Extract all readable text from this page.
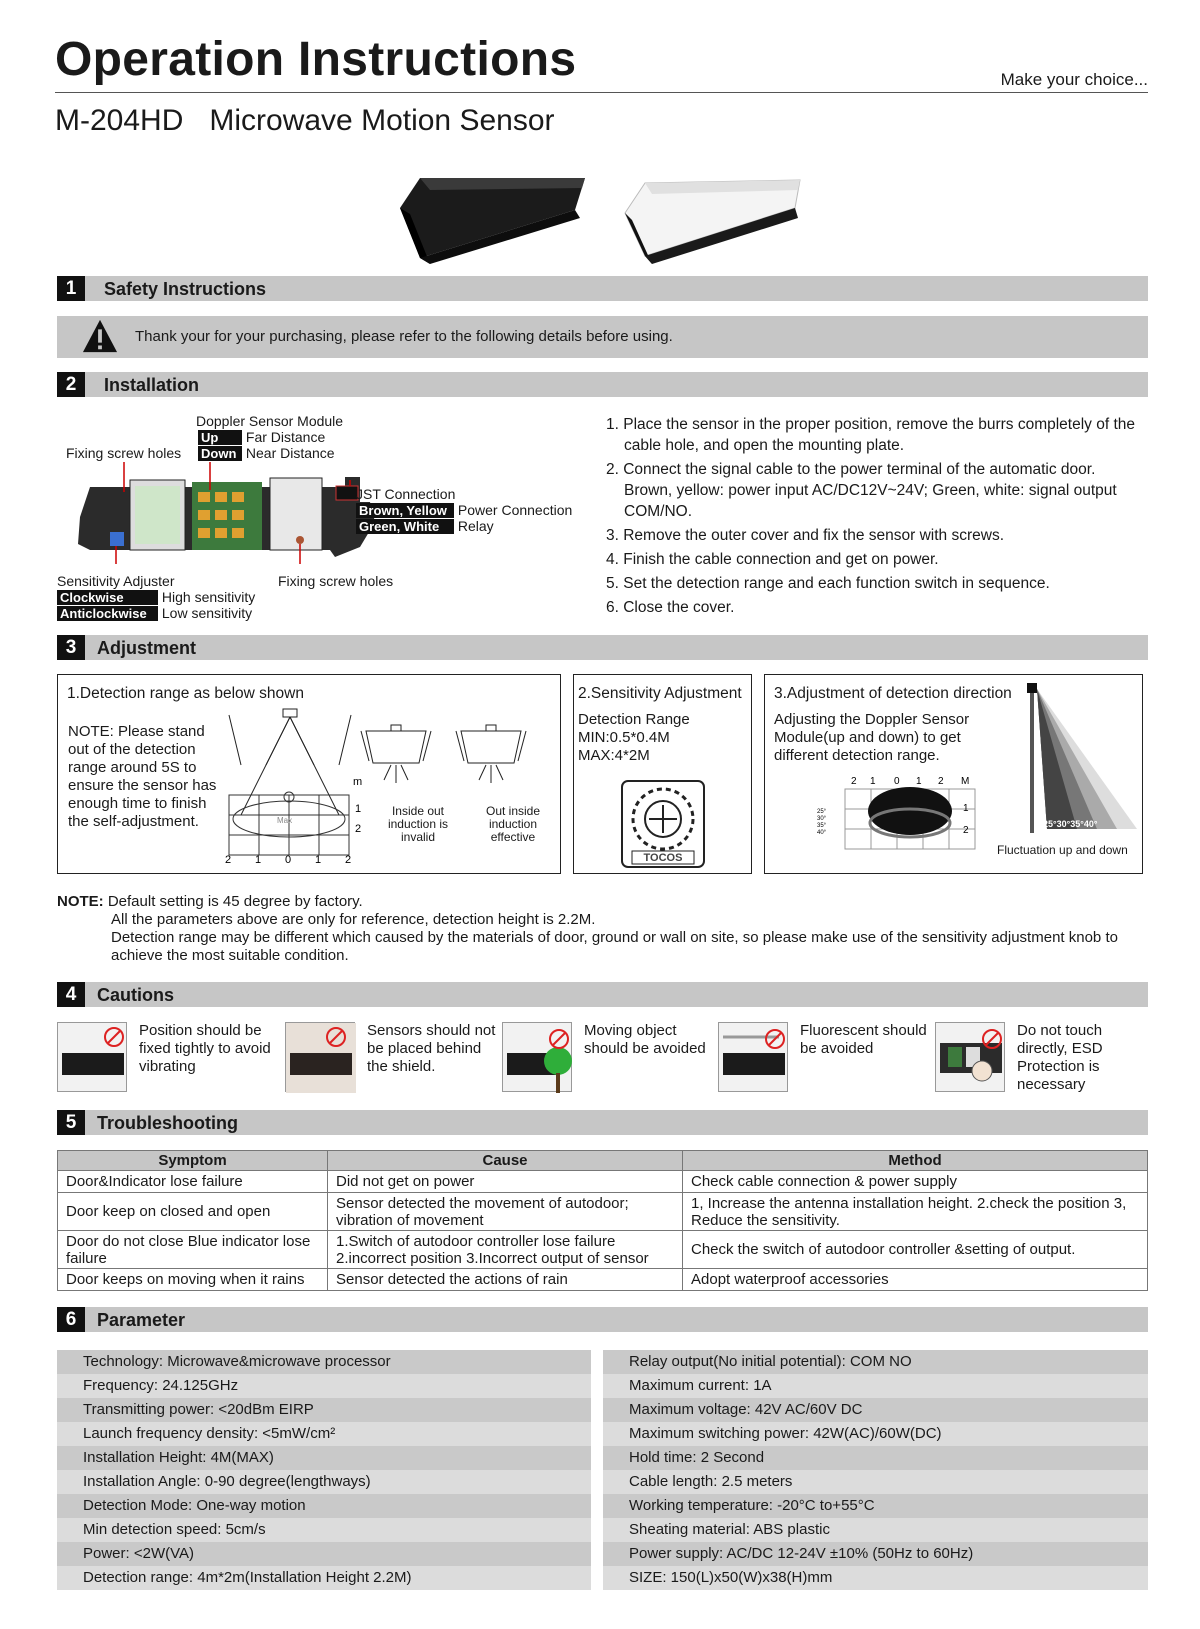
Operation Instructions	Make your choice...
M-204HD Microwave Motion Sensor
1	Safety Instructions
Thank your for your purchasing, please refer to the following details before using.
2	Installation
Doppler Sensor Module
Up Far Distance
Down Near Distance
Fixing screw holes
JST Connection
Brown, Yellow Power Connection
Green, White Relay
Sensitivity Adjuster
Clockwise	High sensitivity
Anticlockwise Low sensitivity
Fixing screw holes
1. Place the sensor in the proper position, remove the burrs completely of the cable hole, and open the mounting plate.
2. Connect the signal cable to the power terminal of the automatic door. Brown, yellow: power input AC/DC12V~24V; Green, white: signal output COM/NO.
3. Remove the outer cover and fix the sensor with screws.
4. Finish the cable connection and get on power.
5. Set the detection range and each function switch in sequence.
6. Close the cover.
3	Adjustment
1.Detection range as below shown
NOTE: Please stand out of the detection range around 5S to ensure the sensor has enough time to finish the self-adjustment.	Max
m
1
2
2 1 0 1 2
Inside out induction is invalid
Out inside induction effective
2.Sensitivity Adjustment
Detection Range
MIN:0.5*0.4M
MAX:4*2M
TOCOS
3.Adjustment of detection direction
Adjusting the Doppler Sensor Module(up and down) to get different detection range.
2 1 0 1 2 M
1
2
25°
30°
35°
40°
25°30°35°40°
Fluctuation up and down
NOTE: Default setting is 45 degree by factory.
All the parameters above are only for reference, detection height is 2.2M.
Detection range may be different which caused by the materials of door, ground or wall on site, so please make use of the sensitivity adjustment knob to achieve the most suitable condition.
4	Cautions
Position should be fixed tightly to avoid vibrating
Sensors should not be placed behind the shield.
Moving object should be avoided
Fluorescent should be avoided
Do not touch directly, ESD Protection is necessary
5	Troubleshooting
Symptom	Cause	Method
Door&Indicator lose failure	Did not get on power	Check cable connection & power supply
Door keep on closed and open	Sensor detected the movement of autodoor; vibration of movement	1, Increase the antenna installation height. 2.check the position 3, Reduce the sensitivity.
Door do not close Blue indicator lose failure	1.Switch of autodoor controller lose failure 2.incorrect position 3.Incorrect output of sensor	Check the switch of autodoor controller &setting of output.
Door keeps on moving when it rains	Sensor detected the actions of rain	Adopt waterproof accessories
6	Parameter
Technology: Microwave&microwave processor
Frequency: 24.125GHz
Transmitting power: <20dBm EIRP
Launch frequency density: <5mW/cm²
Installation Height: 4M(MAX)
Installation Angle: 0-90 degree(lengthways)
Detection Mode: One-way motion
Min detection speed: 5cm/s
Power: <2W(VA)
Detection range: 4m*2m(Installation Height 2.2M)
Relay output(No initial potential): COM NO
Maximum current: 1A
Maximum voltage: 42V AC/60V DC
Maximum switching power: 42W(AC)/60W(DC)
Hold time: 2 Second
Cable length: 2.5 meters
Working temperature: -20°C to+55°C
Sheating material: ABS plastic
Power supply: AC/DC 12-24V ±10% (50Hz to 60Hz)
SIZE: 150(L)x50(W)x38(H)mm
